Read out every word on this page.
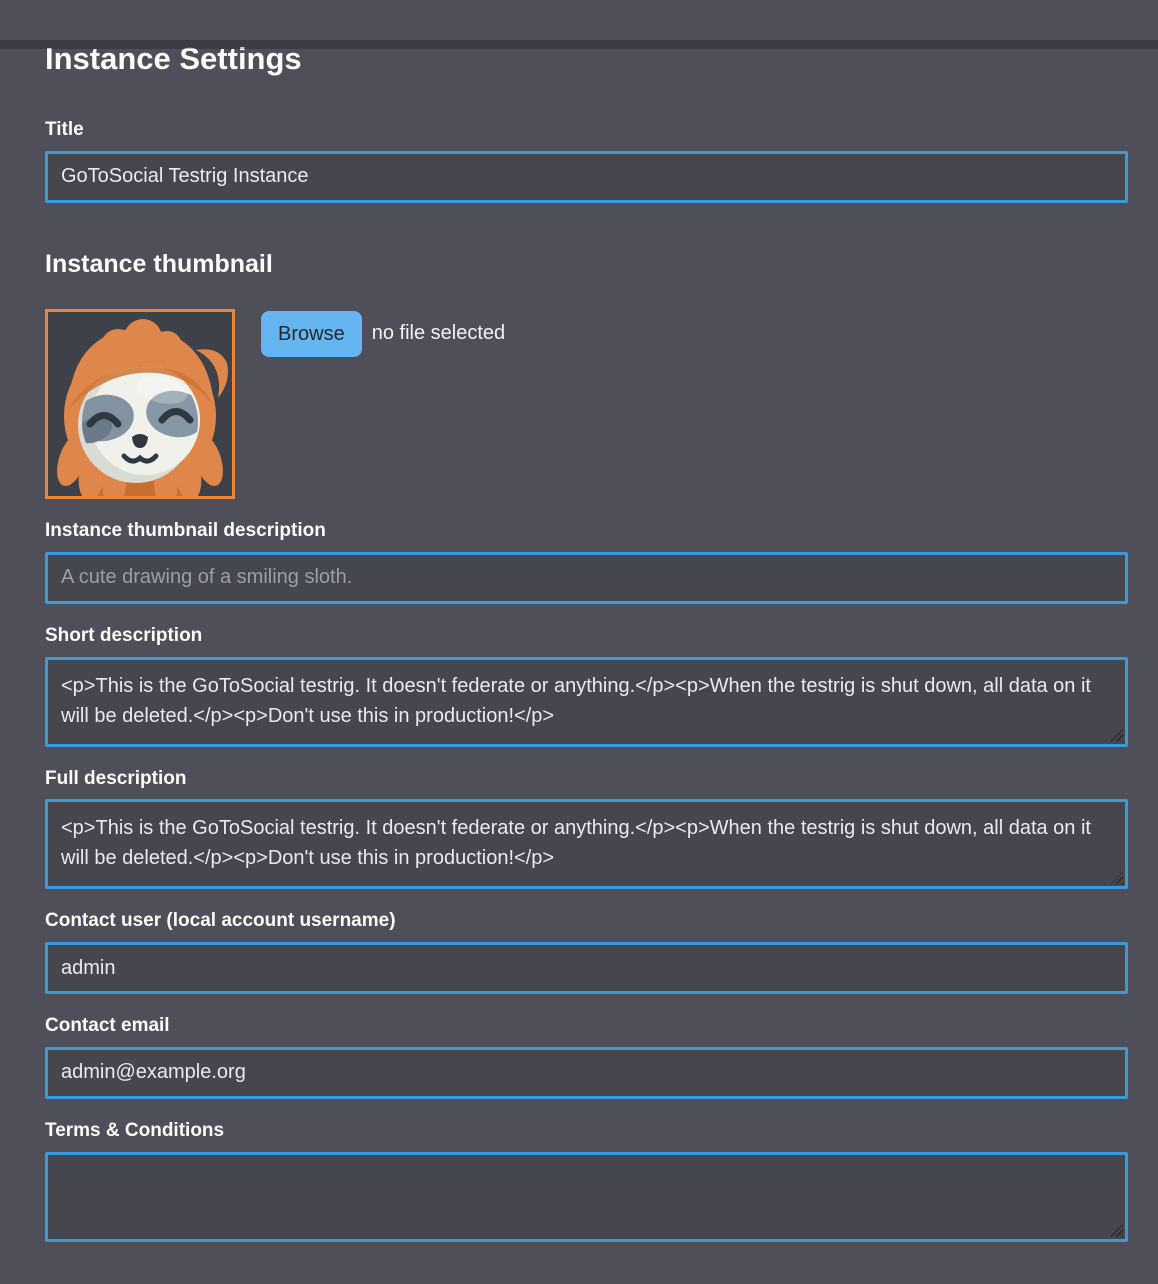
Instance Settings
Title
GoToSocial Testrig Instance
Instance thumbnail
Browse	no file selected
Instance thumbnail description
A cute drawing of a smiling sloth.
Short description
<p>This is the GoToSocial testrig. It doesn't federate or anything.</p><p>When the testrig is shut down, all data on it will be deleted.</p><p>Don't use this in production!</p>
Full description
<p>This is the GoToSocial testrig. It doesn't federate or anything.</p><p>When the testrig is shut down, all data on it will be deleted.</p><p>Don't use this in production!</p>
Contact user (local account username)
admin
Contact email
admin@example.org
Terms & Conditions
